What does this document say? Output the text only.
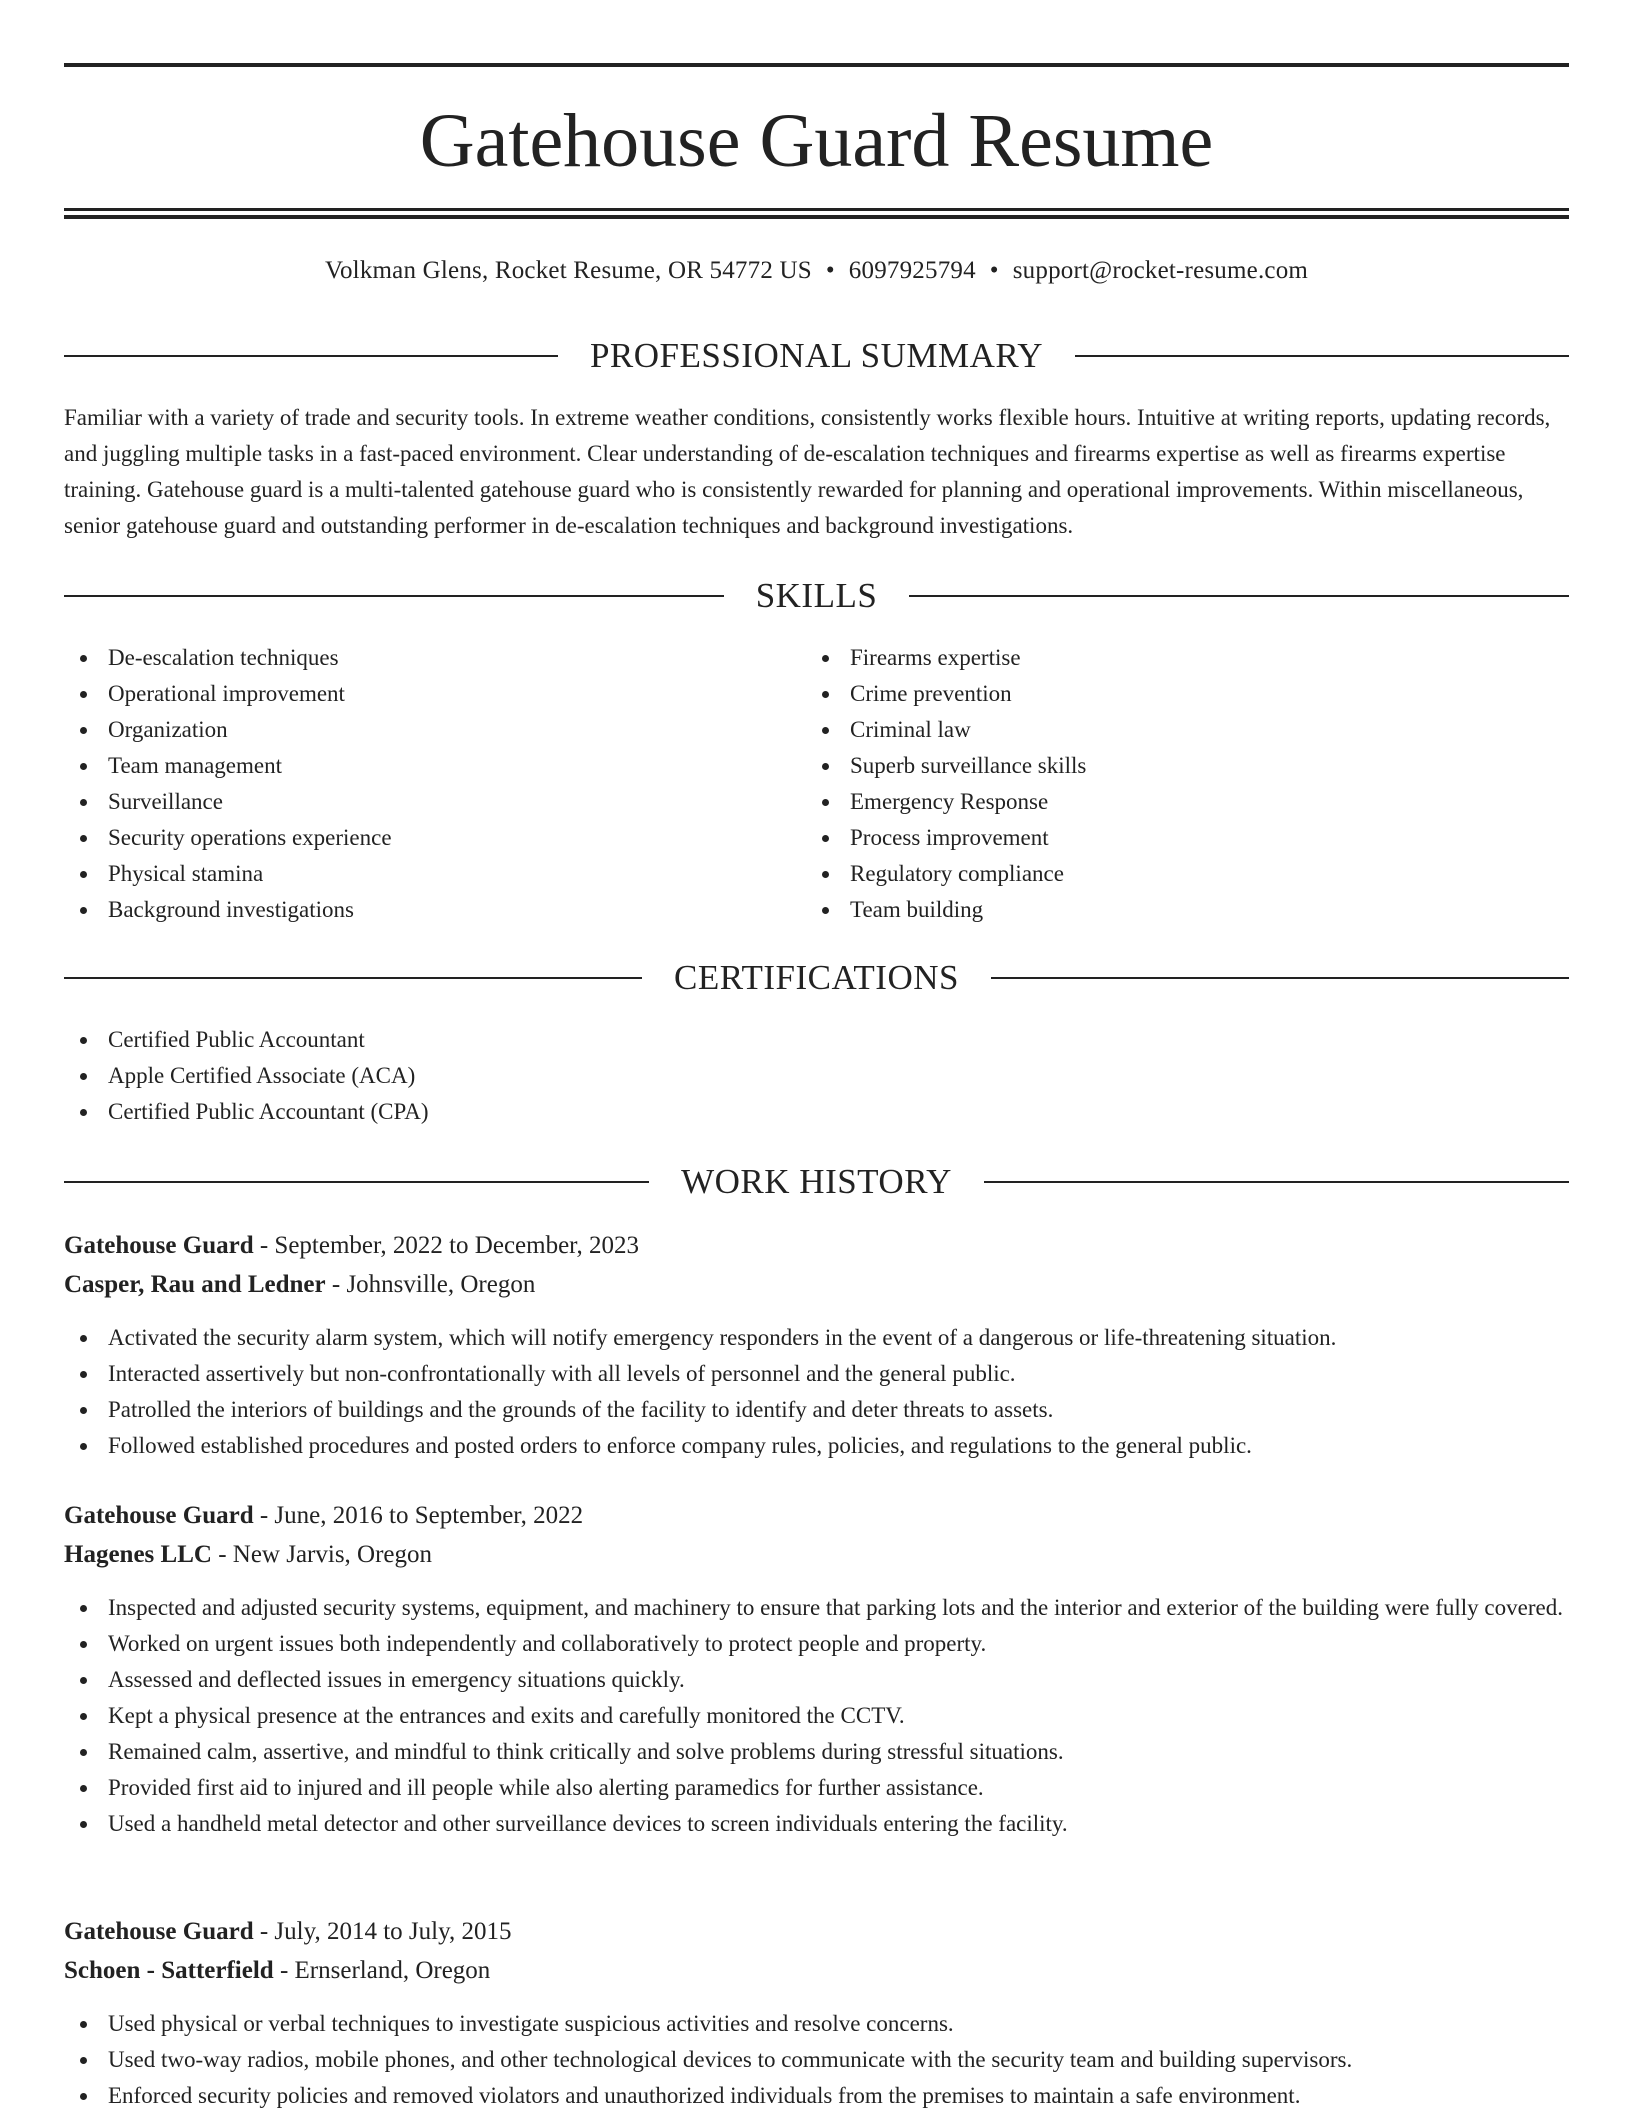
Gatehouse Guard Resume
Volkman Glens, Rocket Resume, OR 54772 US • 6097925794 • support@rocket-resume.com
PROFESSIONAL SUMMARY

Familiar with a variety of trade and security tools. In extreme weather conditions, consistently works flexible hours. Intuitive at writing reports, updating records, and juggling multiple tasks in a fast-paced environment. Clear understanding of de-escalation techniques and firearms expertise as well as firearms expertise training. Gatehouse guard is a multi-talented gatehouse guard who is consistently rewarded for planning and operational improvements. Within miscellaneous, senior gatehouse guard and outstanding performer in de-escalation techniques and background investigations.

SKILLS
De-escalation techniques
Operational improvement
Organization
Team management
Surveillance
Security operations experience
Physical stamina
Background investigations
Firearms expertise
Crime prevention
Criminal law
Superb surveillance skills
Emergency Response
Process improvement
Regulatory compliance
Team building
CERTIFICATIONS
Certified Public Accountant
Apple Certified Associate (ACA)
Certified Public Accountant (CPA)
WORK HISTORY
Gatehouse Guard - September, 2022 to December, 2023
Casper, Rau and Ledner - Johnsville, Oregon
Activated the security alarm system, which will notify emergency responders in the event of a dangerous or life-threatening situation.
Interacted assertively but non-confrontationally with all levels of personnel and the general public.
Patrolled the interiors of buildings and the grounds of the facility to identify and deter threats to assets.
Followed established procedures and posted orders to enforce company rules, policies, and regulations to the general public.
Gatehouse Guard - June, 2016 to September, 2022
Hagenes LLC - New Jarvis, Oregon
Inspected and adjusted security systems, equipment, and machinery to ensure that parking lots and the interior and exterior of the building were fully covered.
Worked on urgent issues both independently and collaboratively to protect people and property.
Assessed and deflected issues in emergency situations quickly.
Kept a physical presence at the entrances and exits and carefully monitored the CCTV.
Remained calm, assertive, and mindful to think critically and solve problems during stressful situations.
Provided first aid to injured and ill people while also alerting paramedics for further assistance.
Used a handheld metal detector and other surveillance devices to screen individuals entering the facility.
Gatehouse Guard - July, 2014 to July, 2015
Schoen - Satterfield - Ernserland, Oregon
Used physical or verbal techniques to investigate suspicious activities and resolve concerns.
Used two-way radios, mobile phones, and other technological devices to communicate with the security team and building supervisors.
Enforced security policies and removed violators and unauthorized individuals from the premises to maintain a safe environment.
